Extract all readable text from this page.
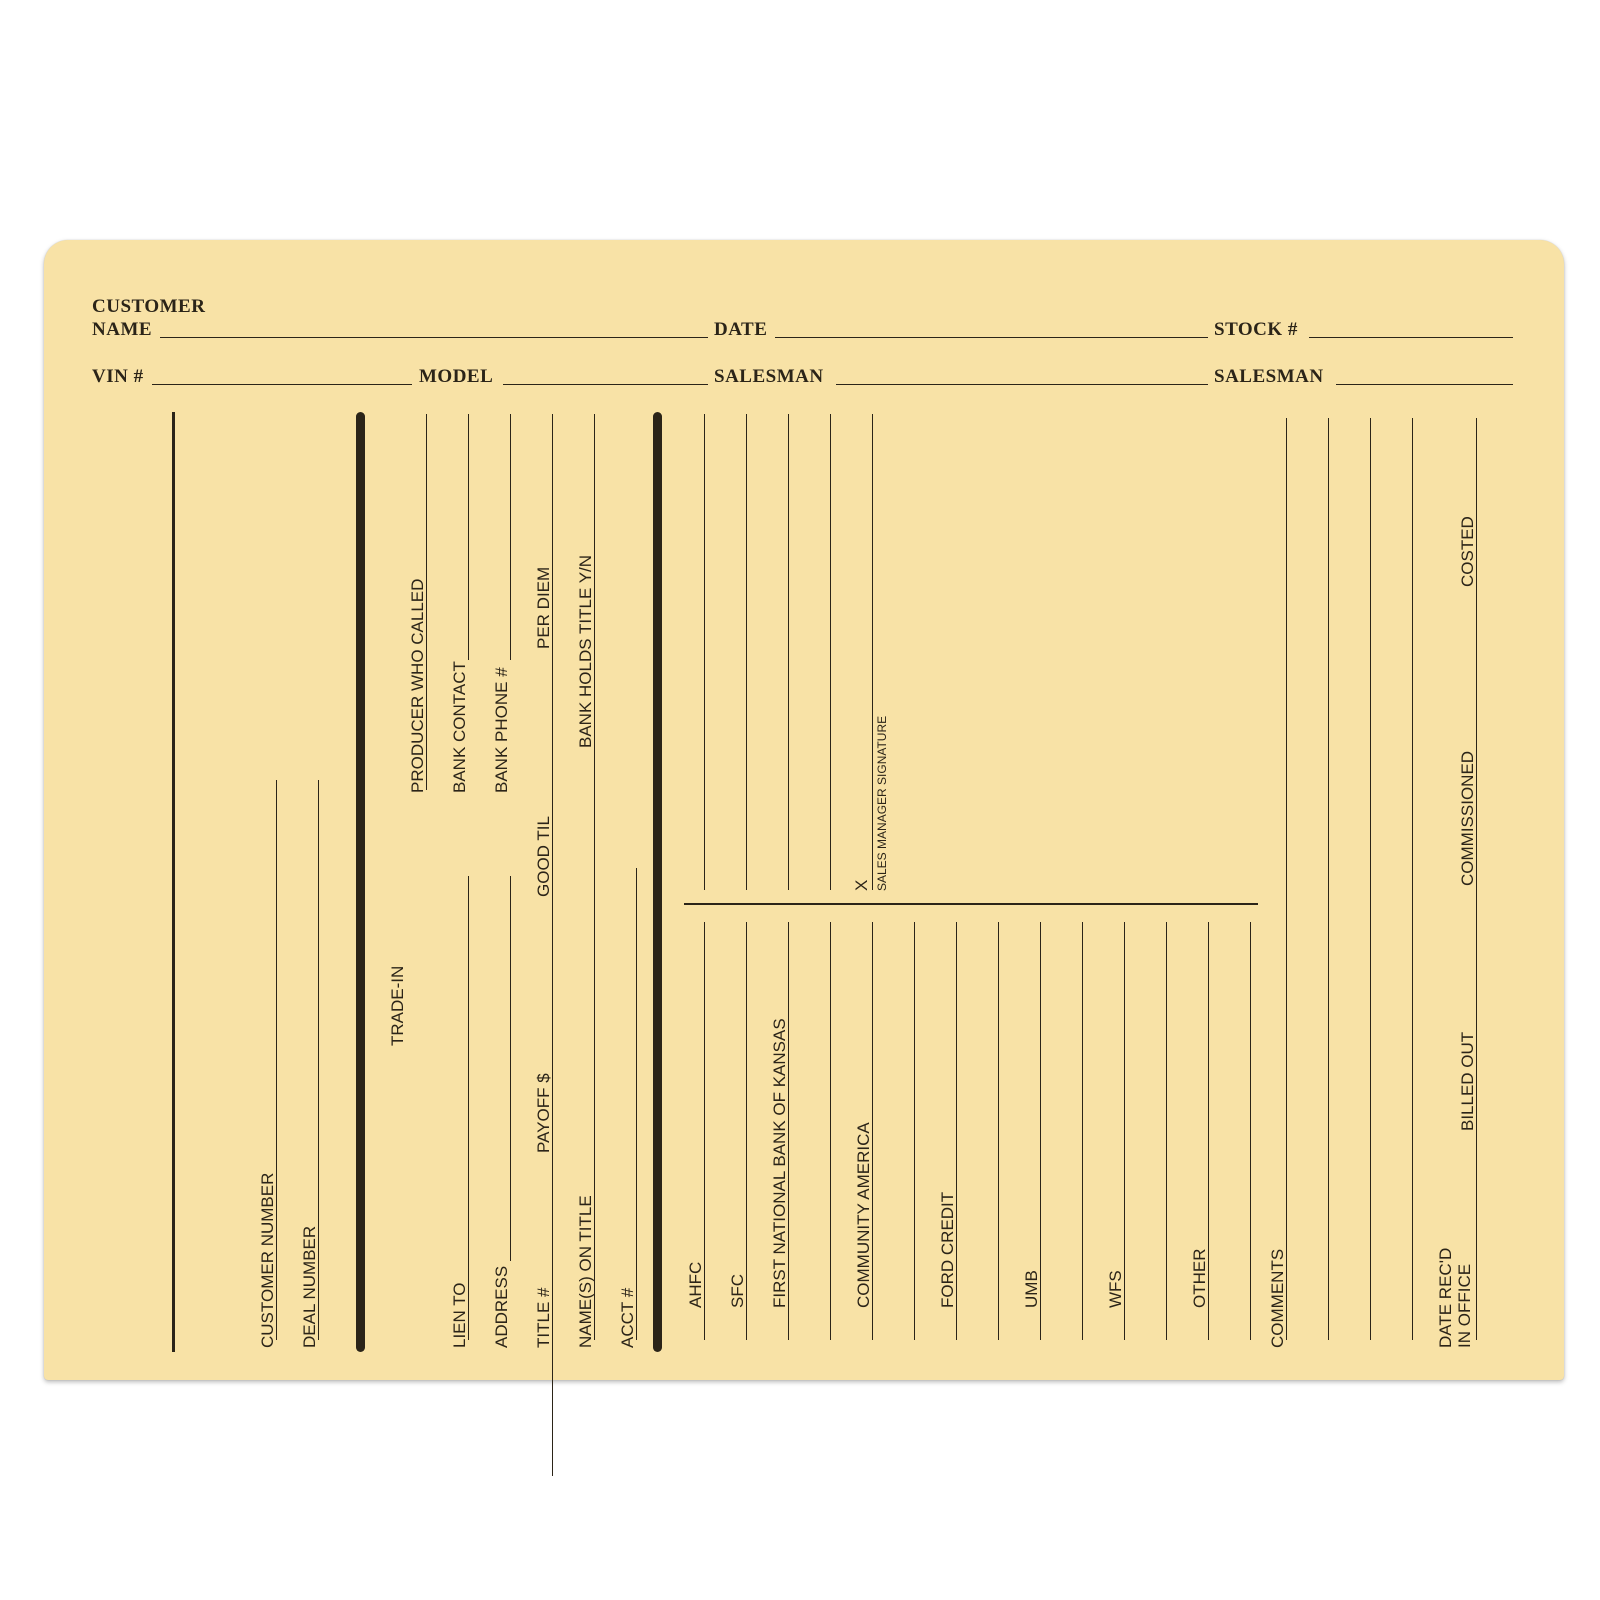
CUSTOMER
NAME	DATE	STOCK #
VIN #	MODEL	SALESMAN	SALESMAN
CUSTOMER NUMBER DEAL NUMBER
TRADE-IN
PRODUCER WHO CALLED BANK CONTACT
LIEN TO
BANK PHONE #
ADDRESS
PER DIEM
GOOD TIL
PAYOFF $
TITLE #
BANK HOLDS TITLE Y/N
NAME(S) ON TITLE ACCT #
X SALES MANAGER SIGNATURE
AHFC SFC FIRST NATIONAL BANK OF KANSAS	COMMUNITY AMERICA	FORD CREDIT	UMB	WFS	OTHER	COMMENTS
COSTED
COMMISSIONED
BILLED OUT
DATE REC'D IN OFFICE
